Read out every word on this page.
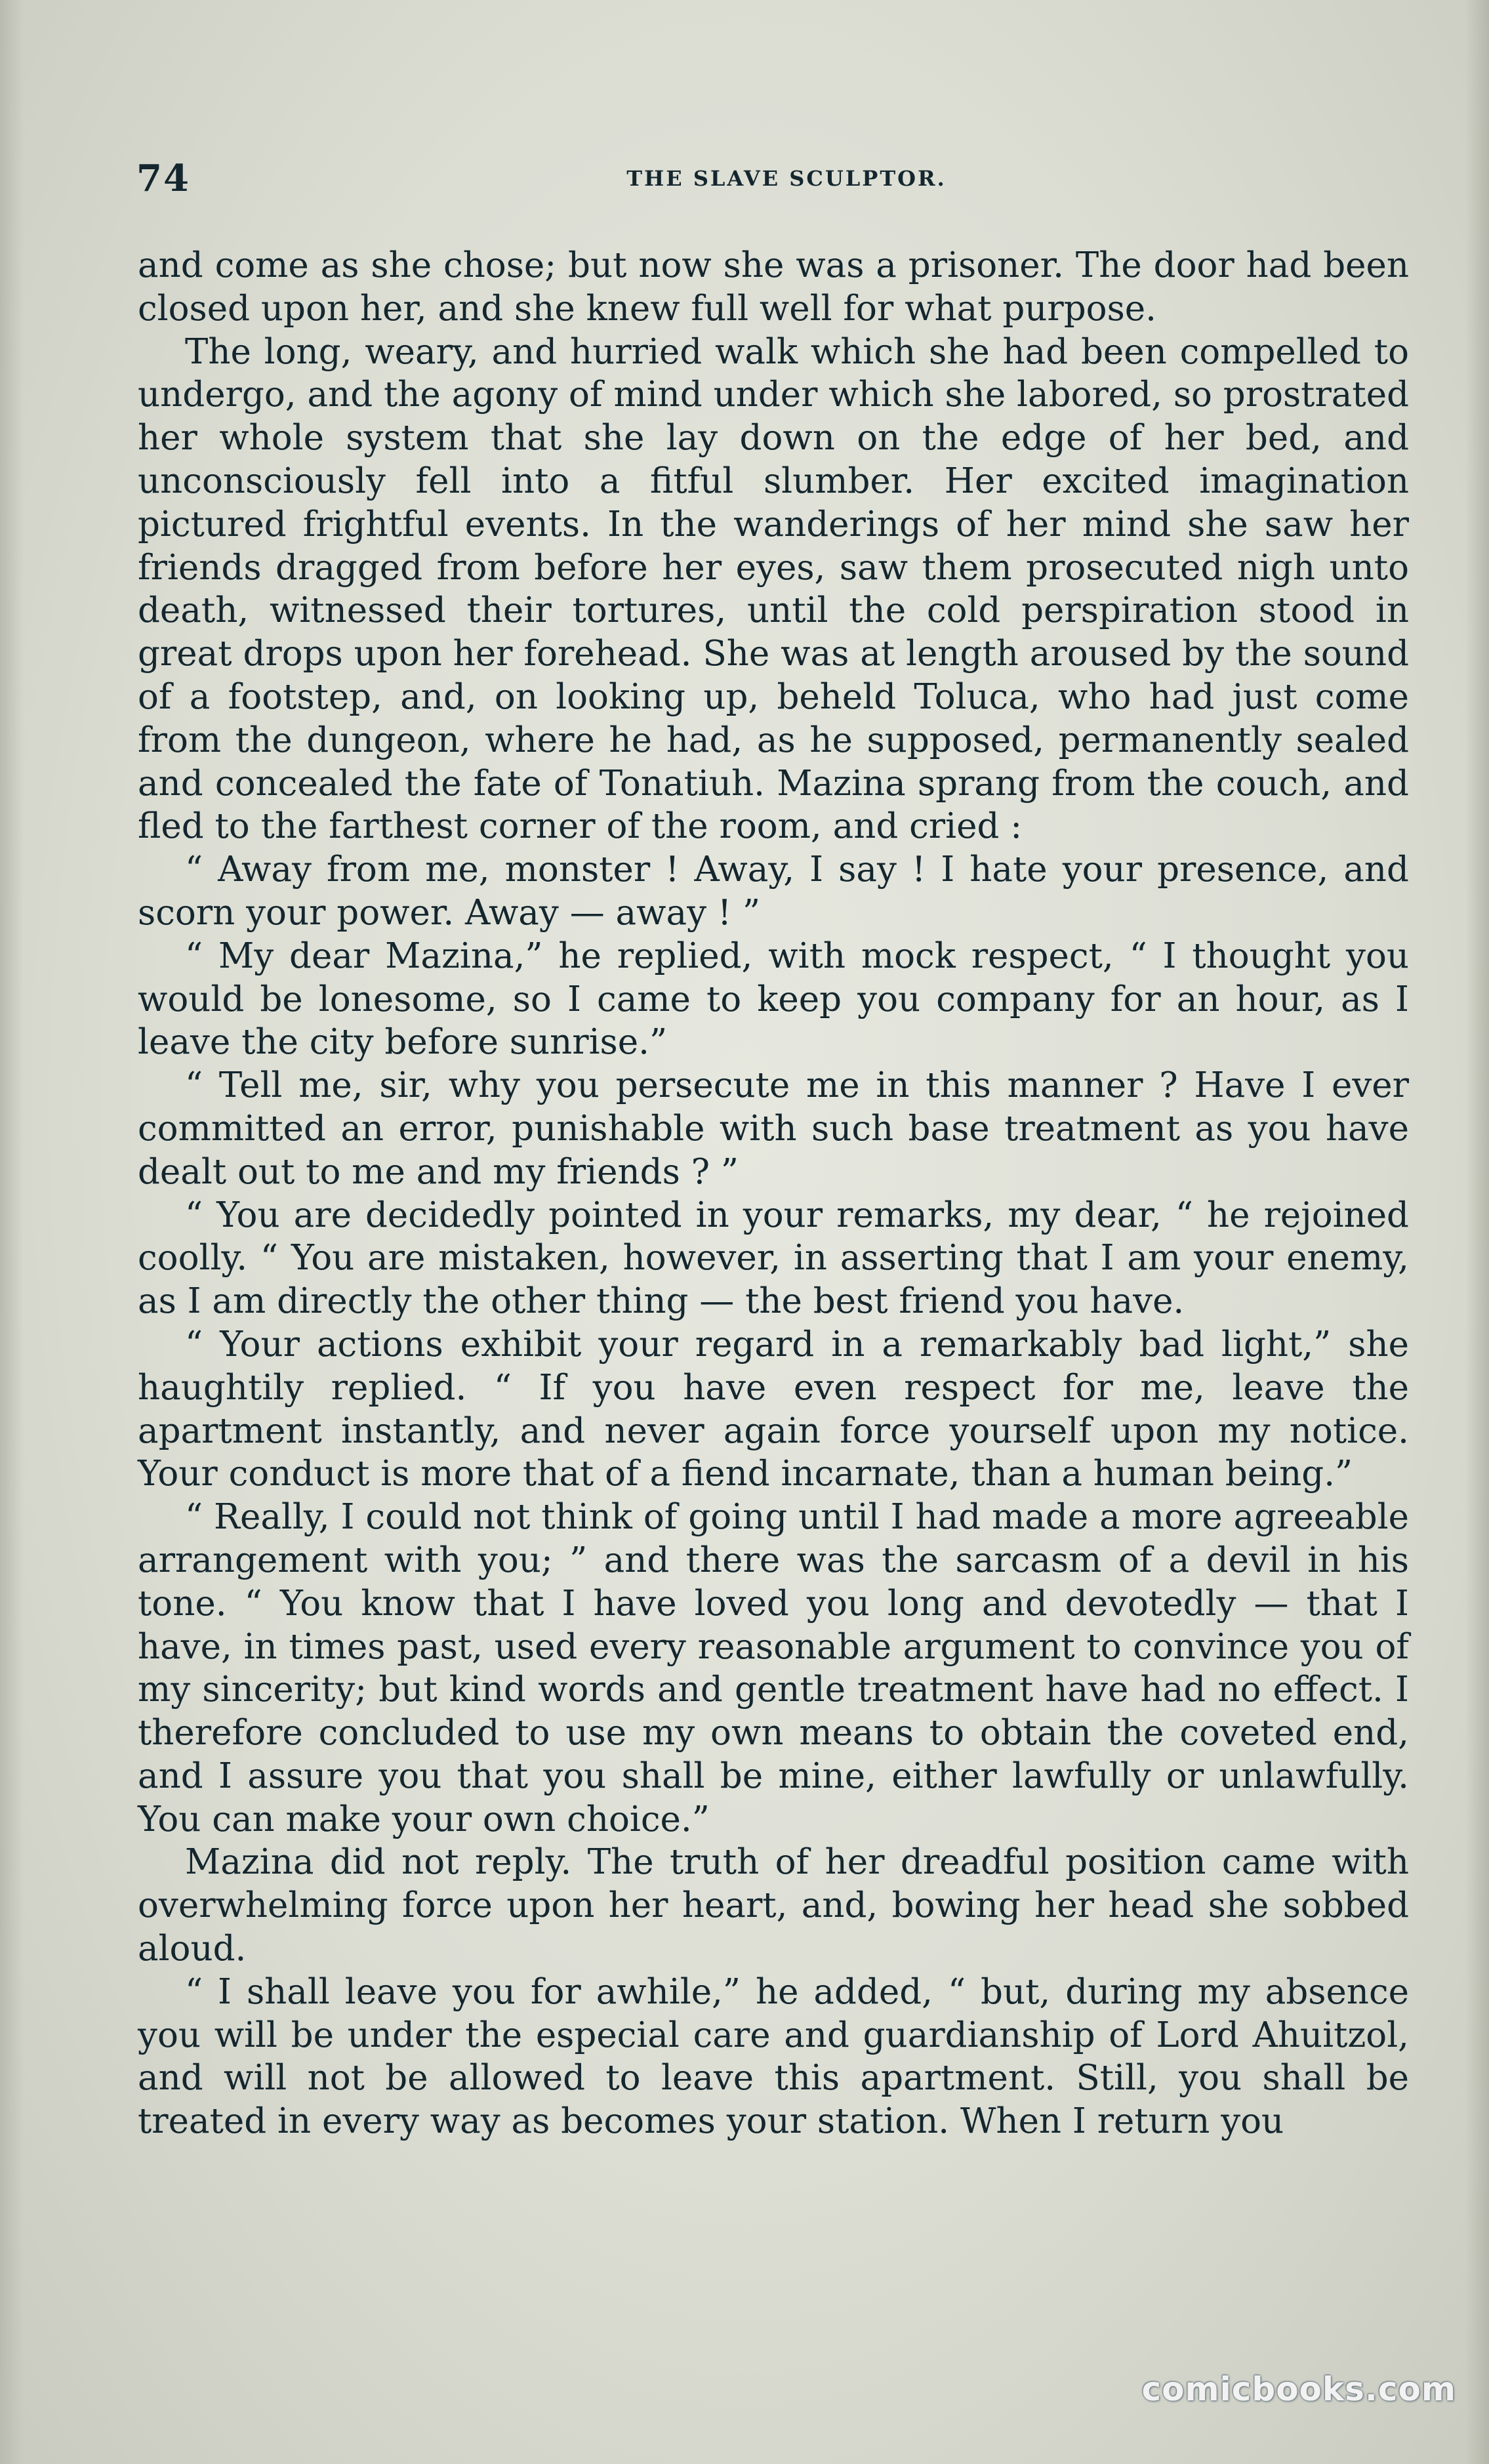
74	THE SLAVE SCULPTOR.

and come as she chose; but now she was a prisoner. The door had been closed upon her, and she knew full well for what purpose.

The long, weary, and hurried walk which she had been compelled to undergo, and the agony of mind under which she labored, so prostrated her whole system that she lay down on the edge of her bed, and unconsciously fell into a fitful slumber. Her excited imagination pictured frightful events. In the wanderings of her mind she saw her friends dragged from before her eyes, saw them prosecuted nigh unto death, witnessed their tortures, until the cold perspiration stood in great drops upon her forehead. She was at length aroused by the sound of a footstep, and, on looking up, beheld Toluca, who had just come from the dungeon, where he had, as he supposed, permanently sealed and concealed the fate of Tonatiuh. Mazina sprang from the couch, and fled to the farthest corner of the room, and cried :

“ Away from me, monster ! Away, I say ! I hate your presence, and scorn your power. Away — away ! ”

“ My dear Mazina,” he replied, with mock respect, “ I thought you would be lonesome, so I came to keep you company for an hour, as I leave the city before sunrise.”

“ Tell me, sir, why you persecute me in this manner ? Have I ever committed an error, punishable with such base treatment as you have dealt out to me and my friends ? ”

“ You are decidedly pointed in your remarks, my dear, “ he rejoined coolly. “ You are mistaken, however, in asserting that I am your enemy, as I am directly the other thing — the best friend you have.

“ Your actions exhibit your regard in a remarkably bad light,” she haughtily replied. “ If you have even respect for me, leave the apartment instantly, and never again force yourself upon my notice. Your conduct is more that of a fiend incarnate, than a human being.”

“ Really, I could not think of going until I had made a more agreeable arrangement with you; ” and there was the sarcasm of a devil in his tone. “ You know that I have loved you long and devotedly — that I have, in times past, used every reasonable argument to convince you of my sincerity; but kind words and gentle treatment have had no effect. I therefore concluded to use my own means to obtain the coveted end, and I assure you that you shall be mine, either lawfully or unlawfully. You can make your own choice.”

Mazina did not reply. The truth of her dreadful position came with overwhelming force upon her heart, and, bowing her head she sobbed aloud.

“ I shall leave you for awhile,” he added, “ but, during my absence you will be under the especial care and guardianship of Lord Ahuitzol, and will not be allowed to leave this apartment. Still, you shall be treated in every way as becomes your station. When I return you

comicbooks.com
